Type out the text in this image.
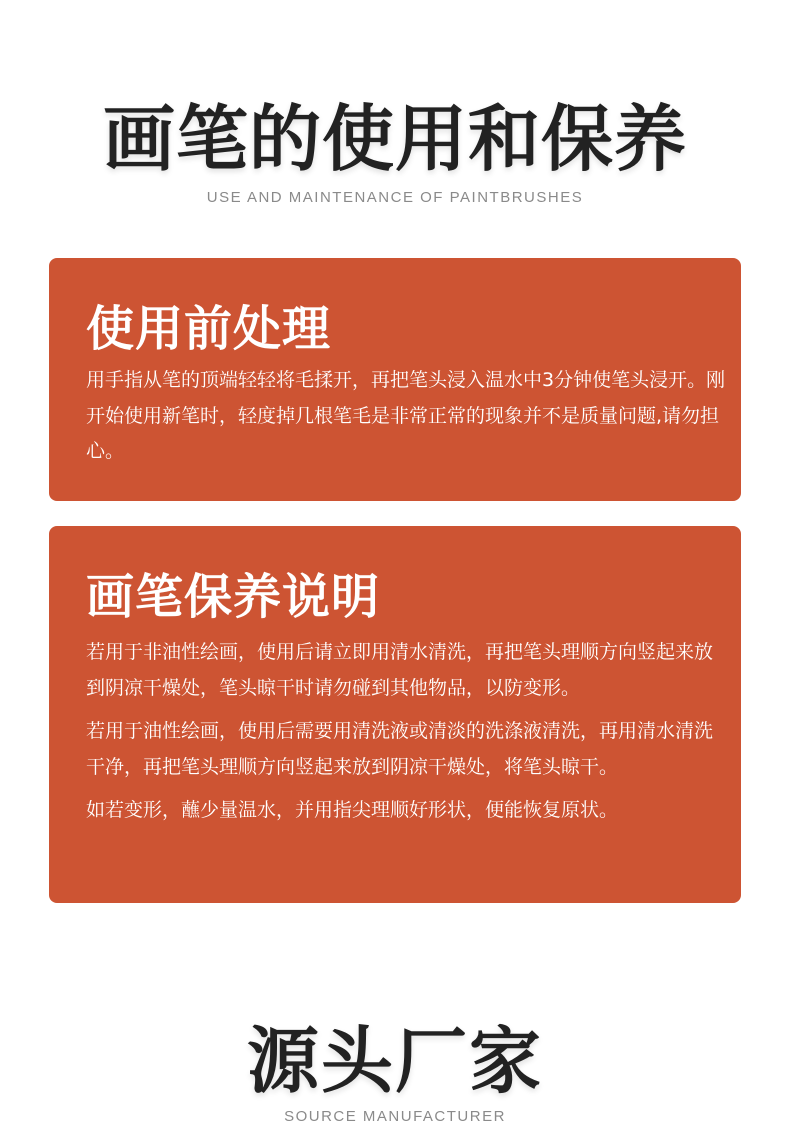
画笔的使用和保养
USE AND MAINTENANCE OF PAINTBRUSHES
使用前处理

用手指从笔的顶端轻轻将毛揉开，再把笔头浸入温水中3分钟使笔头浸开。刚开始使用新笔时，轻度掉几根笔毛是非常正常的现象并不是质量问题,请勿担心。

画笔保养说明

若用于非油性绘画，使用后请立即用清水清洗，再把笔头理顺方向竖起来放到阴凉干燥处，笔头晾干时请勿碰到其他物品，以防变形。

若用于油性绘画，使用后需要用清洗液或清淡的洗涤液清洗，再用清水清洗干净，再把笔头理顺方向竖起来放到阴凉干燥处，将笔头晾干。

如若变形，蘸少量温水，并用指尖理顺好形状，便能恢复原状。

源头厂家
SOURCE MANUFACTURER
